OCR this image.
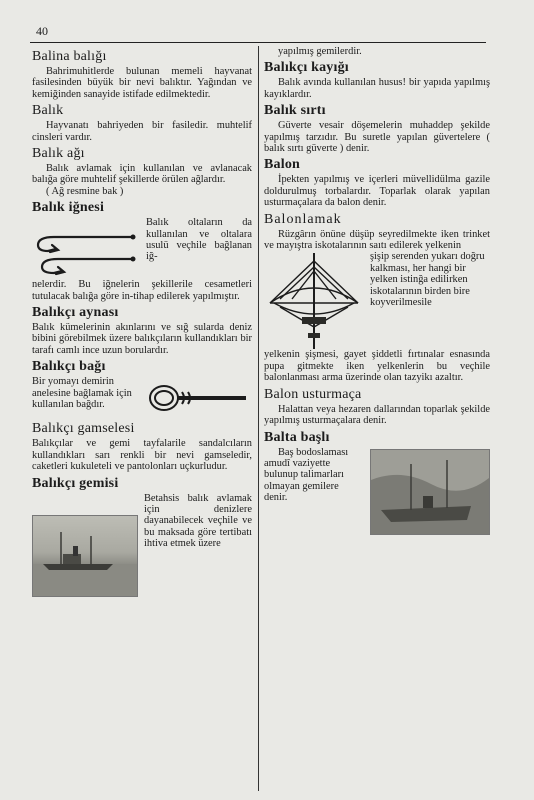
40
Balina balığı

Bahrimuhitlerde bulunan memeli hayvanat fasilesinden büyük bir nevi balıktır. Yağından ve kemiğinden sanayide istifade edilmektedir.

Balık

Hayvanatı bahriyeden bir fasiledir. muhtelif cinsleri vardır.

Balık ağı

Balık avlamak için kullanılan ve avlanacak balığa göre muhtelif şekillerde örülen ağlardır.

( Ağ resmine bak )

Balık iğnesi

Balık oltaların da kullanılan ve oltalara usulü veçhile bağlanan iğ-

nelerdir. Bu iğnelerin şekillerile cesametleri tutulacak balığa göre in-tihap edilerek yapılmıştır.

Balıkçı aynası

Balık kümelerinin akınlarını ve sığ sularda deniz bibini görebilmek üzere balıkçıların kullandıkları bir tarafı camlı ince uzun borulardır.

Balıkçı bağı

Bir yomayı demirin anelesine bağlamak için kullanılan bağdır.

Balıkçı gamselesi

Balıkçılar ve gemi tayfalarile sandalcıların kullandıkları sarı renkli bir nevi gamseledir, caketleri kukuleteli ve pantolonları uçkurludur.

Balıkçı gemisi

Betahsis balık avlamak için denizlere dayanabilecek veçhile ve bu maksada göre tertibatı ihtiva etmek üzere

yapılmış gemilerdir.

Balıkçı kayığı

Balık avında kullanılan husus! bir yapıda yapılmış kayıklardır.

Balık sırtı

Güverte vesair döşemelerin muhaddep şekilde yapılmış tarzıdır. Bu suretle yapılan güvertelere ( balık sırtı güverte ) denir.

Balon

İpekten yapılmış ve içerleri müvellidülma gazile doldurulmuş torbalardır. Toparlak olarak yapılan usturmaçalara da balon denir.

Balonlamak

Rüzgârın önüne düşüp seyredilmekte iken trinket ve mayıştra iskotalarının saıtı edilerek yelkenin

şişip serenden yukarı doğru kalkması, her hangi bir yelken istinğa edilirken iskotalarının birden bire koyverilmesile

yelkenin şişmesi, gayet şiddetli fırtınalar esnasında pupa gitmekte iken yelkenlerin bu veçhile balonlanması arma üzerinde olan tazyikı azaltır.

Balon usturmaça

Halattan veya hezaren dallarından toparlak şekilde yapılmış usturmaçalara denir.

Balta başlı

Baş bodoslaması amudî vaziyette bulunup talimarları olmayan gemilere denir.
